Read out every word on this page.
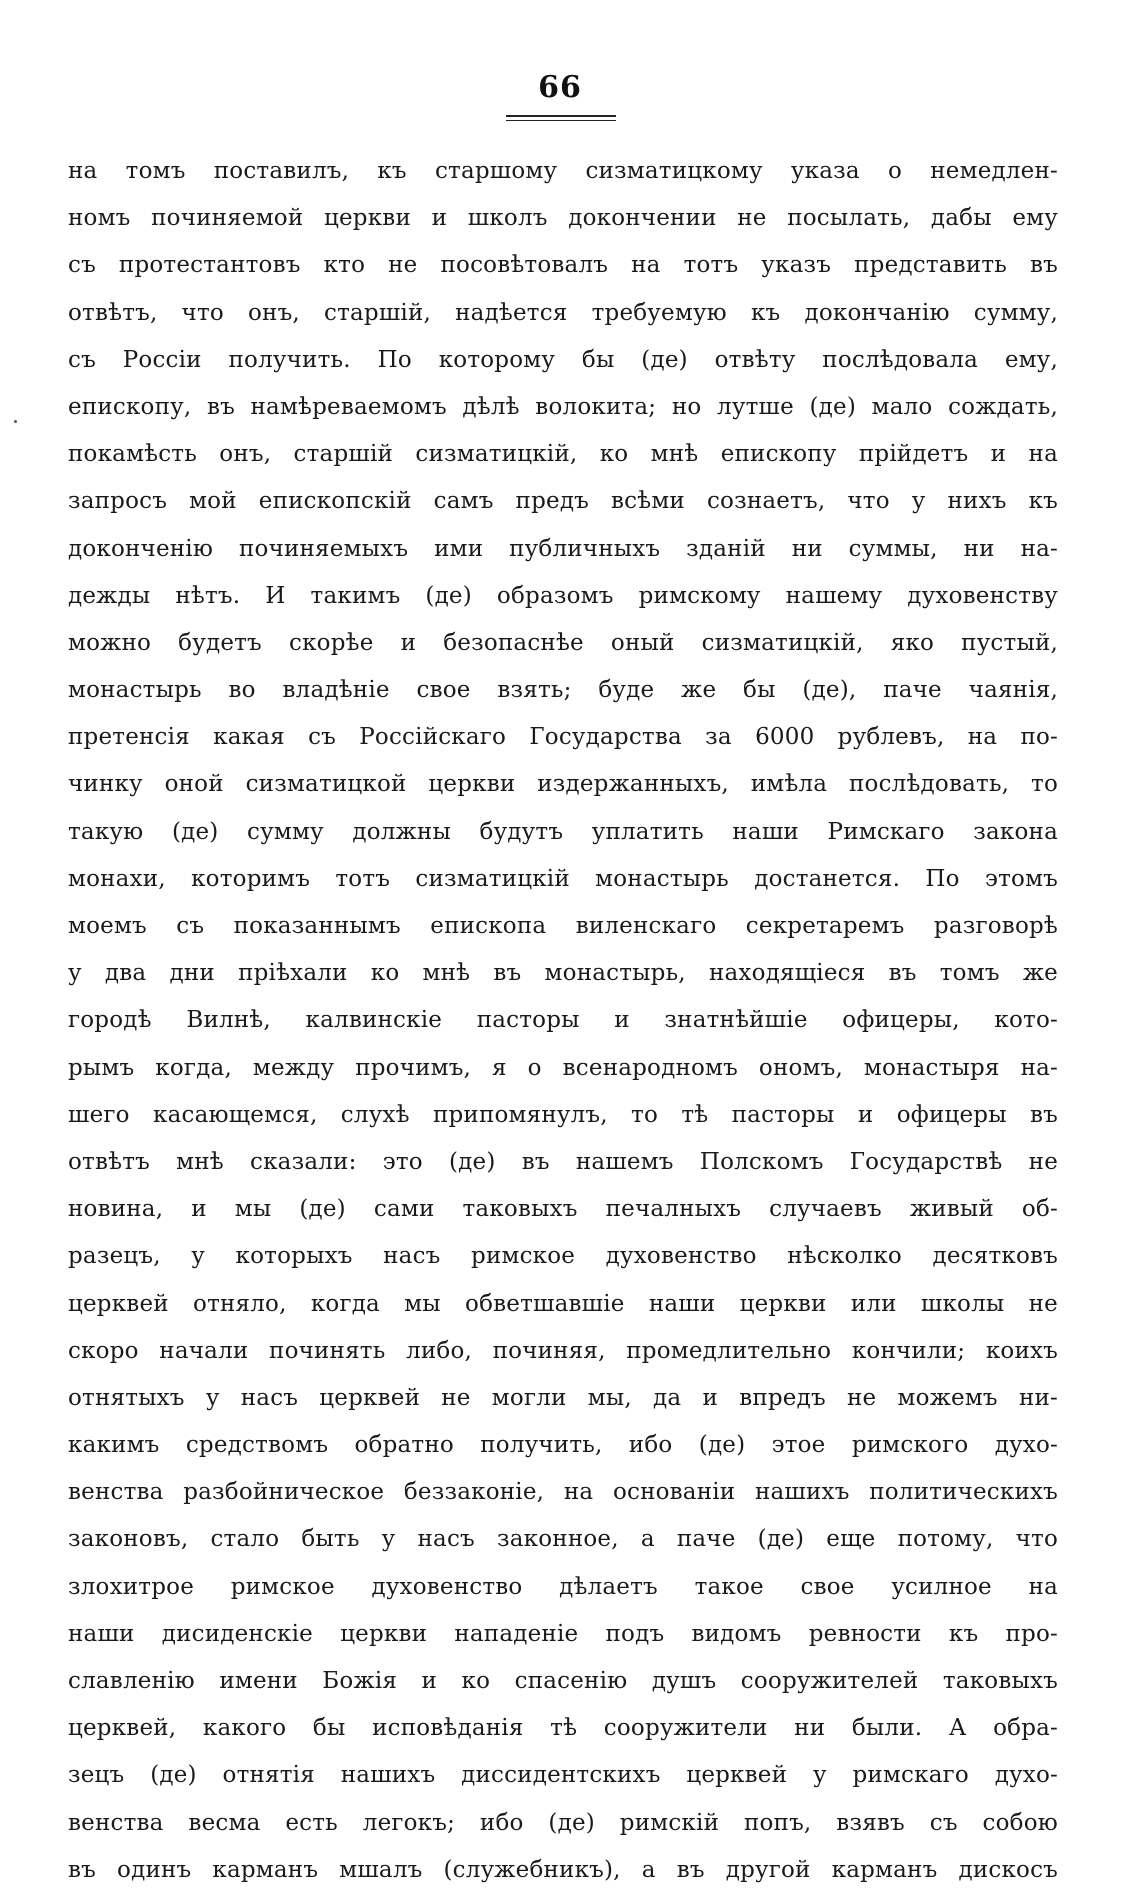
66
на томъ поставилъ, къ старшому сизматицкому указа о немедлен-
номъ починяемой церкви и школъ докончении не посылать, дабы ему
съ протестантовъ кто не посовѣтовалъ на тотъ указъ представить въ
отвѣтъ, что онъ, старшій, надѣется требуемую къ докончанію сумму,
съ Россіи получить. По которому бы (де) отвѣту послѣдовала ему,
епископу, въ намѣреваемомъ дѣлѣ волокита; но лутше (де) мало сождать,
покамѣсть онъ, старшій сизматицкій, ко мнѣ епископу прійдетъ и на
запросъ мой епископскій самъ предъ всѣми сознаетъ, что у нихъ къ
доконченію починяемыхъ ими публичныхъ зданій ни суммы, ни на-
дежды нѣтъ. И такимъ (де) образомъ римскому нашему духовенству
можно будетъ скорѣе и безопаснѣе оный сизматицкій, яко пустый,
монастырь во владѣніе свое взять; буде же бы (де), паче чаянія,
претенсія какая съ Россійскаго Государства за 6000 рублевъ, на по-
чинку оной сизматицкой церкви издержанныхъ, имѣла послѣдовать, то
такую (де) сумму должны будутъ уплатить наши Римскаго закона
монахи, которимъ тотъ сизматицкій монастырь достанется. По этомъ
моемъ съ показаннымъ епископа виленскаго секретаремъ разговорѣ
у два дни пріѣхали ко мнѣ въ монастырь, находящіеся въ томъ же
городѣ Вилнѣ, калвинскіе пасторы и знатнѣйшіе офицеры, кото-
рымъ когда, между прочимъ, я о всенародномъ ономъ, монастыря на-
шего касающемся, слухѣ припомянулъ, то тѣ пасторы и офицеры въ
отвѣтъ мнѣ сказали: это (де) въ нашемъ Полскомъ Государствѣ не
новина, и мы (де) сами таковыхъ печалныхъ случаевъ живый об-
разецъ, у которыхъ насъ римское духовенство нѣсколко десятковъ
церквей отняло, когда мы обветшавшіе наши церкви или школы не
скоро начали починять либо, починяя, промедлительно кончили; коихъ
отнятыхъ у насъ церквей не могли мы, да и впредъ не можемъ ни-
какимъ средствомъ обратно получить, ибо (де) этое римского духо-
венства разбойническое беззаконіе, на основаніи нашихъ политическихъ
законовъ, стало быть у насъ законное, а паче (де) еще потому, что
злохитрое римское духовенство дѣлаетъ такое свое усилное на
наши дисиденскіе церкви нападеніе подъ видомъ ревности къ про-
славленію имени Божія и ко спасенію душъ сооружителей таковыхъ
церквей, какого бы исповѣданія тѣ сооружители ни были. А обра-
зецъ (де) отнятія нашихъ диссидентскихъ церквей у римскаго духо-
венства весма есть легокъ; ибо (де) римскій попъ, взявъ съ собою
въ одинъ карманъ мшалъ (служебникъ), а въ другой карманъ дискосъ
